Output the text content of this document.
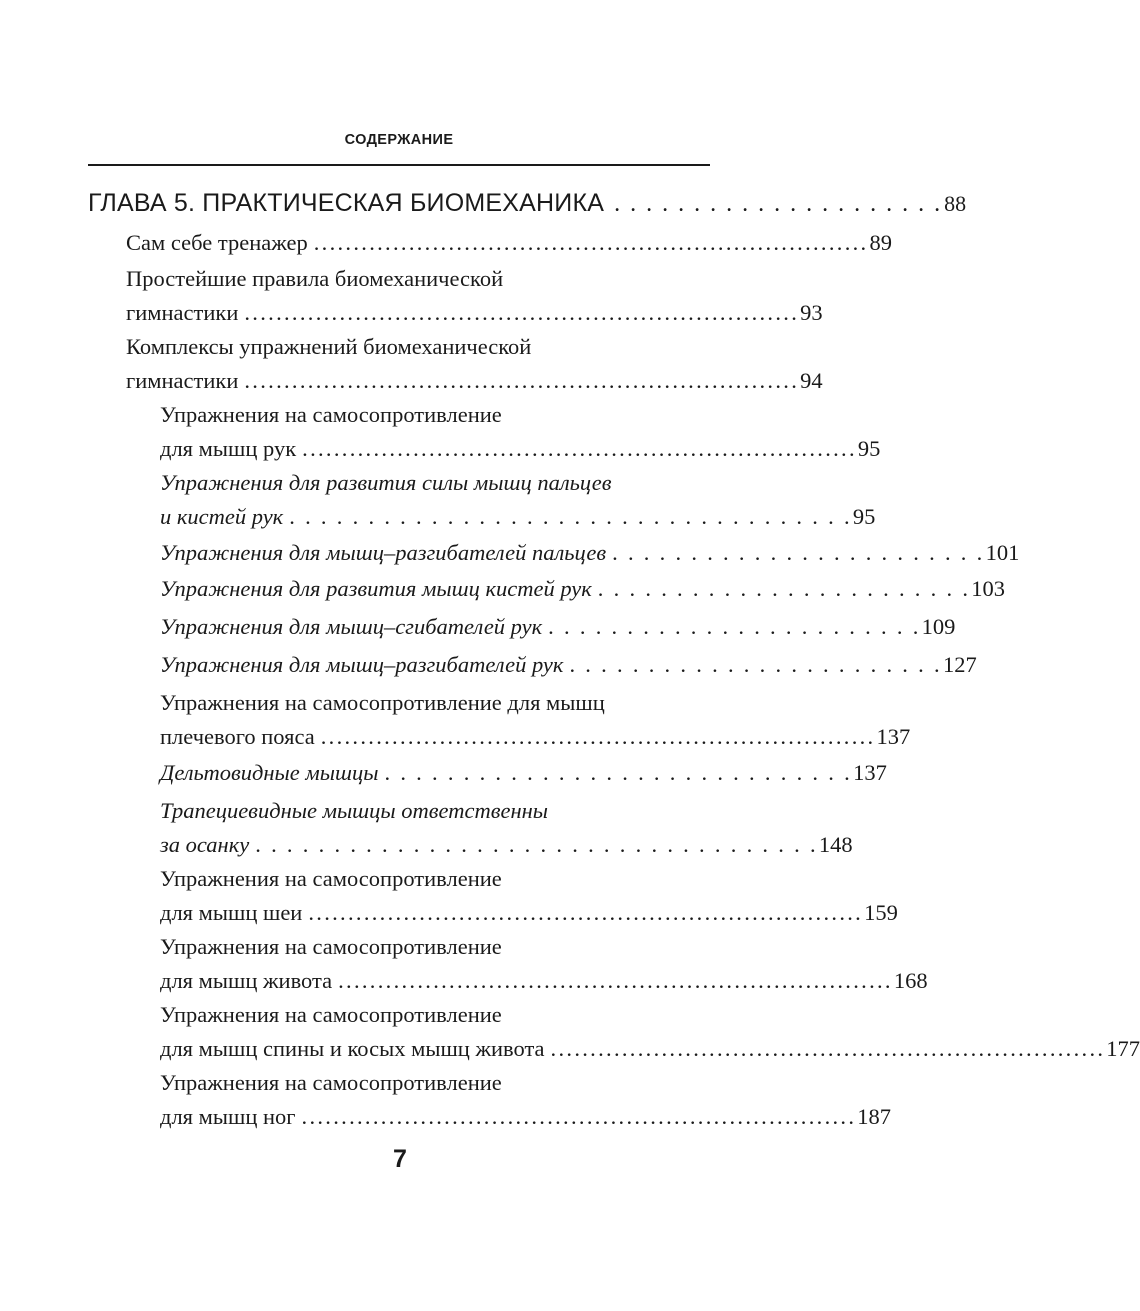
СОДЕРЖАНИЕ
ГЛАВА 5. ПРАКТИЧЕСКАЯ БИОМЕХАНИКА . . . . . . . . . . . . . . . . . . . . . 88
Сам себе тренажер ...................................................................... 89
Простейшие правила биомеханической
гимнастики ...................................................................... 93
Комплексы упражнений биомеханической
гимнастики ...................................................................... 94
Упражнения на самосопротивление
для мышц рук ...................................................................... 95
Упражнения для развития силы мышц пальцев
и кистей рук . . . . . . . . . . . . . . . . . . . . . . . . . . . . . . . . . . . . 95
Упражнения для мышц–разгибателей пальцев . . . . . . . . . . . . . . . . . . . . . . . . 101
Упражнения для развития мышц кистей рук . . . . . . . . . . . . . . . . . . . . . . . . 103
Упражнения для мышц–сгибателей рук . . . . . . . . . . . . . . . . . . . . . . . . 109
Упражнения для мышц–разгибателей рук . . . . . . . . . . . . . . . . . . . . . . . . 127
Упражнения на самосопротивление для мышц
плечевого пояса ...................................................................... 137
Дельтовидные мышцы . . . . . . . . . . . . . . . . . . . . . . . . . . . . . . 137
Трапециевидные мышцы ответственны
за осанку . . . . . . . . . . . . . . . . . . . . . . . . . . . . . . . . . . . . 148
Упражнения на самосопротивление
для мышц шеи ...................................................................... 159
Упражнения на самосопротивление
для мышц живота ...................................................................... 168
Упражнения на самосопротивление
для мышц спины и косых мышц живота ...................................................................... 177
Упражнения на самосопротивление
для мышц ног ...................................................................... 187
7
